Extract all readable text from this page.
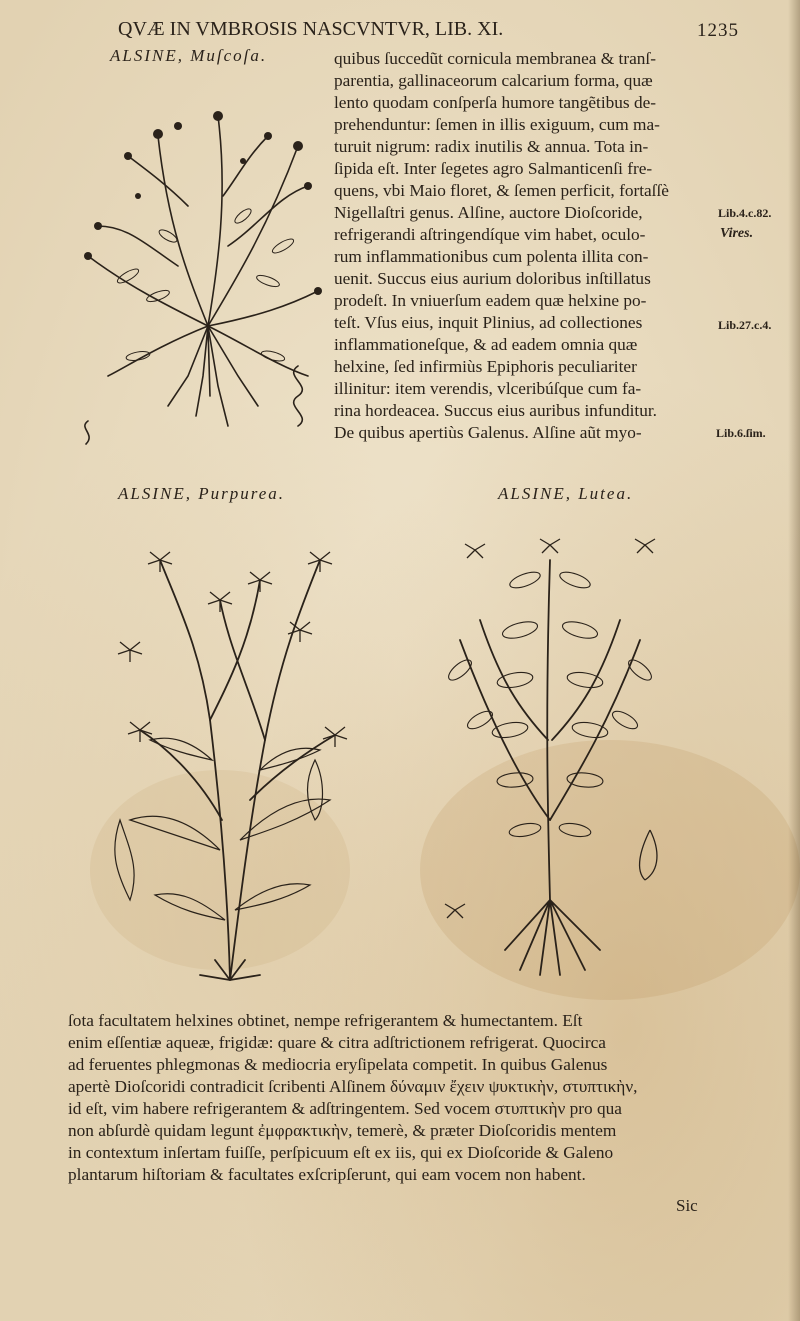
QVÆ IN VMBROSIS NASCVNTVR, LIB. XI.	1235
ALSINE, Muſcoſa.	quibus ſuccedũt cornicula membranea & tranſ-
parentia, gallinaceorum calcarium forma, quæ
lento quodam conſperſa humore tangẽtibus de-
prehenduntur: ſemen in illis exiguum, cum ma-
turuit nigrum: radix inutilis & annua. Tota in-
ſipida eſt. Inter ſegetes agro Salmanticenſi fre-
quens, vbi Maio floret, & ſemen perficit, fortaſſè
Nigellaſtri genus. Alſine, auctore Dioſcoride,
refrigerandi aſtringendíque vim habet, oculo-
rum inflammationibus cum polenta illita con-
uenit. Succus eius aurium doloribus inſtillatus
prodeſt. In vniuerſum eadem quæ helxine po-
teſt. Vſus eius, inquit Plinius, ad collectiones
inflammationeſque, & ad eadem omnia quæ
helxine, ſed infirmiùs Epiphoris peculiariter
illinitur: item verendis, vlceribúſque cum fa-
rina hordeacea. Succus eius auribus infunditur.
De quibus apertiùs Galenus. Alſine aũt myo-
Lib.4.c.82.
Vires.
Lib.27.c.4.
Lib.6.ſim.
ALSINE, Purpurea.	ALSINE, Lutea.
ſota facultatem helxines obtinet, nempe refrigerantem & humectantem. Eſt
enim eſſentiæ aqueæ, frigidæ: quare & citra adſtrictionem refrigerat. Quocirca
ad feruentes phlegmonas & mediocria eryſipelata competit. In quibus Galenus
apertè Dioſcoridi contradicit ſcribenti Alſinem δύναμιν ἔχειν ψυκτικὴν, στυπτικὴν,
id eſt, vim habere refrigerantem & adſtringentem. Sed vocem στυπτικὴν pro qua
non abſurdè quidam legunt ἐμφρακτικὴν, temerè, & præter Dioſcoridis mentem
in contextum inſertam fuiſſe, perſpicuum eſt ex iis, qui ex Dioſcoride & Galeno
plantarum hiſtoriam & facultates exſcripſerunt, qui eam vocem non habent.
Sic
